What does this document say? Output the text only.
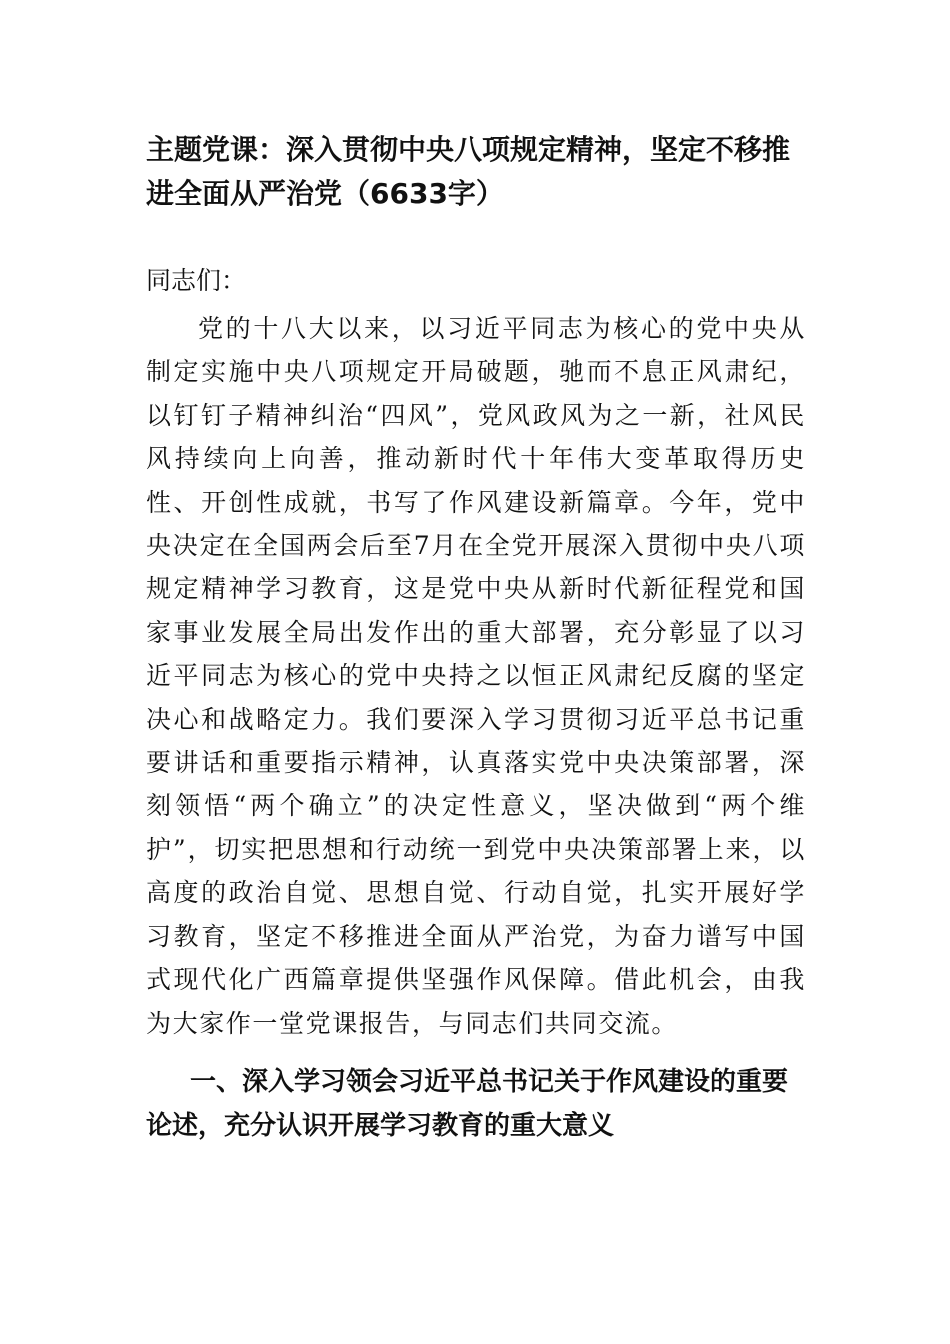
主题党课：深入贯彻中央八项规定精神，坚定不移推进全面从严治党（6633字）
同志们：

党的十八大以来，以习近平同志为核心的党中央从制定实施中央八项规定开局破题，驰而不息正风肃纪，以钉钉子精神纠治“四风”，党风政风为之一新，社风民风持续向上向善，推动新时代十年伟大变革取得历史性、开创性成就，书写了作风建设新篇章。今年，党中央决定在全国两会后至7月在全党开展深入贯彻中央八项规定精神学习教育，这是党中央从新时代新征程党和国家事业发展全局出发作出的重大部署，充分彰显了以习近平同志为核心的党中央持之以恒正风肃纪反腐的坚定决心和战略定力。我们要深入学习贯彻习近平总书记重要讲话和重要指示精神，认真落实党中央决策部署，深刻领悟“两个确立”的决定性意义，坚决做到“两个维护”，切实把思想和行动统一到党中央决策部署上来，以高度的政治自觉、思想自觉、行动自觉，扎实开展好学习教育，坚定不移推进全面从严治党，为奋力谱写中国式现代化广西篇章提供坚强作风保障。借此机会，由我为大家作一堂党课报告，与同志们共同交流。

一、深入学习领会习近平总书记关于作风建设的重要论述，充分认识开展学习教育的重大意义
